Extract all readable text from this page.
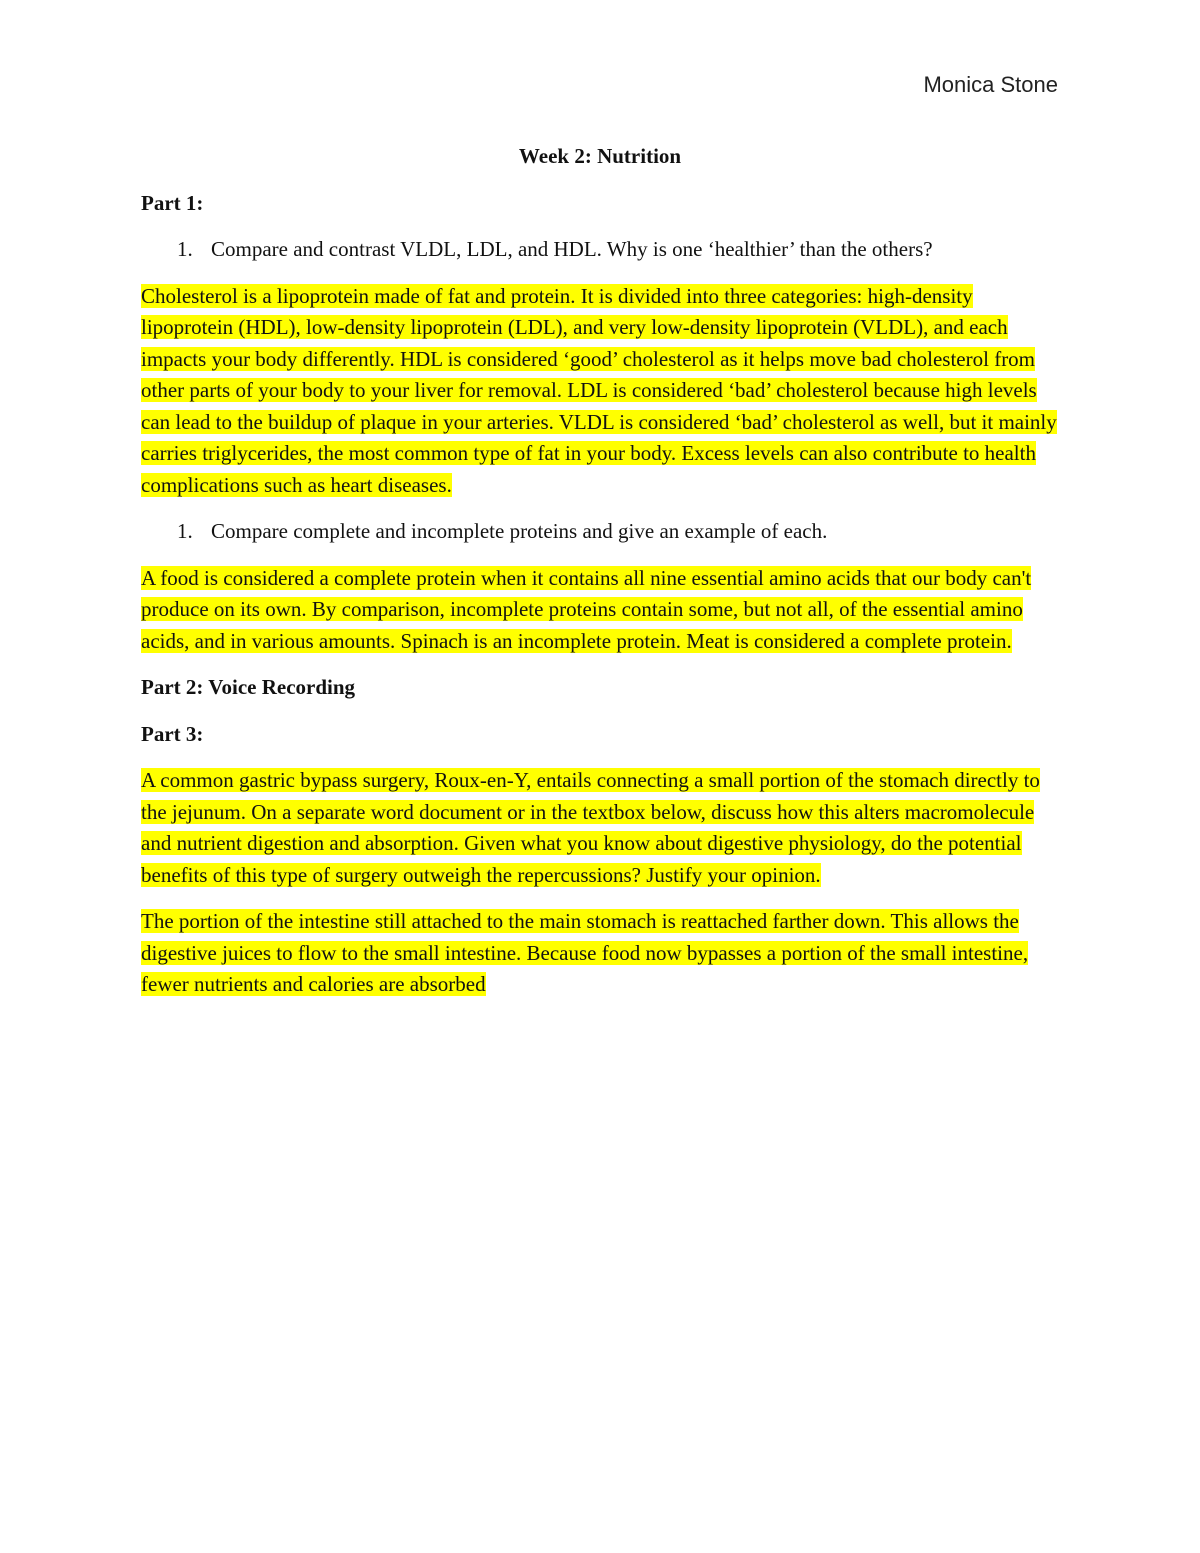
Monica Stone
Week 2: Nutrition
Part 1:
1. Compare and contrast VLDL, LDL, and HDL. Why is one ‘healthier’ than the others?
Cholesterol is a lipoprotein made of fat and protein. It is divided into three categories: high-density lipoprotein (HDL), low-density lipoprotein (LDL), and very low-density lipoprotein (VLDL), and each impacts your body differently. HDL is considered ‘good’ cholesterol as it helps move bad cholesterol from other parts of your body to your liver for removal. LDL is considered ‘bad’ cholesterol because high levels can lead to the buildup of plaque in your arteries. VLDL is considered ‘bad’ cholesterol as well, but it mainly carries triglycerides, the most common type of fat in your body. Excess levels can also contribute to health complications such as heart diseases.
1. Compare complete and incomplete proteins and give an example of each.
A food is considered a complete protein when it contains all nine essential amino acids that our body can't produce on its own. By comparison, incomplete proteins contain some, but not all, of the essential amino acids, and in various amounts. Spinach is an incomplete protein. Meat is considered a complete protein.
Part 2: Voice Recording
Part 3:
A common gastric bypass surgery, Roux-en-Y, entails connecting a small portion of the stomach directly to the jejunum. On a separate word document or in the textbox below, discuss how this alters macromolecule and nutrient digestion and absorption. Given what you know about digestive physiology, do the potential benefits of this type of surgery outweigh the repercussions? Justify your opinion.
The portion of the intestine still attached to the main stomach is reattached farther down. This allows the digestive juices to flow to the small intestine. Because food now bypasses a portion of the small intestine, fewer nutrients and calories are absorbed
